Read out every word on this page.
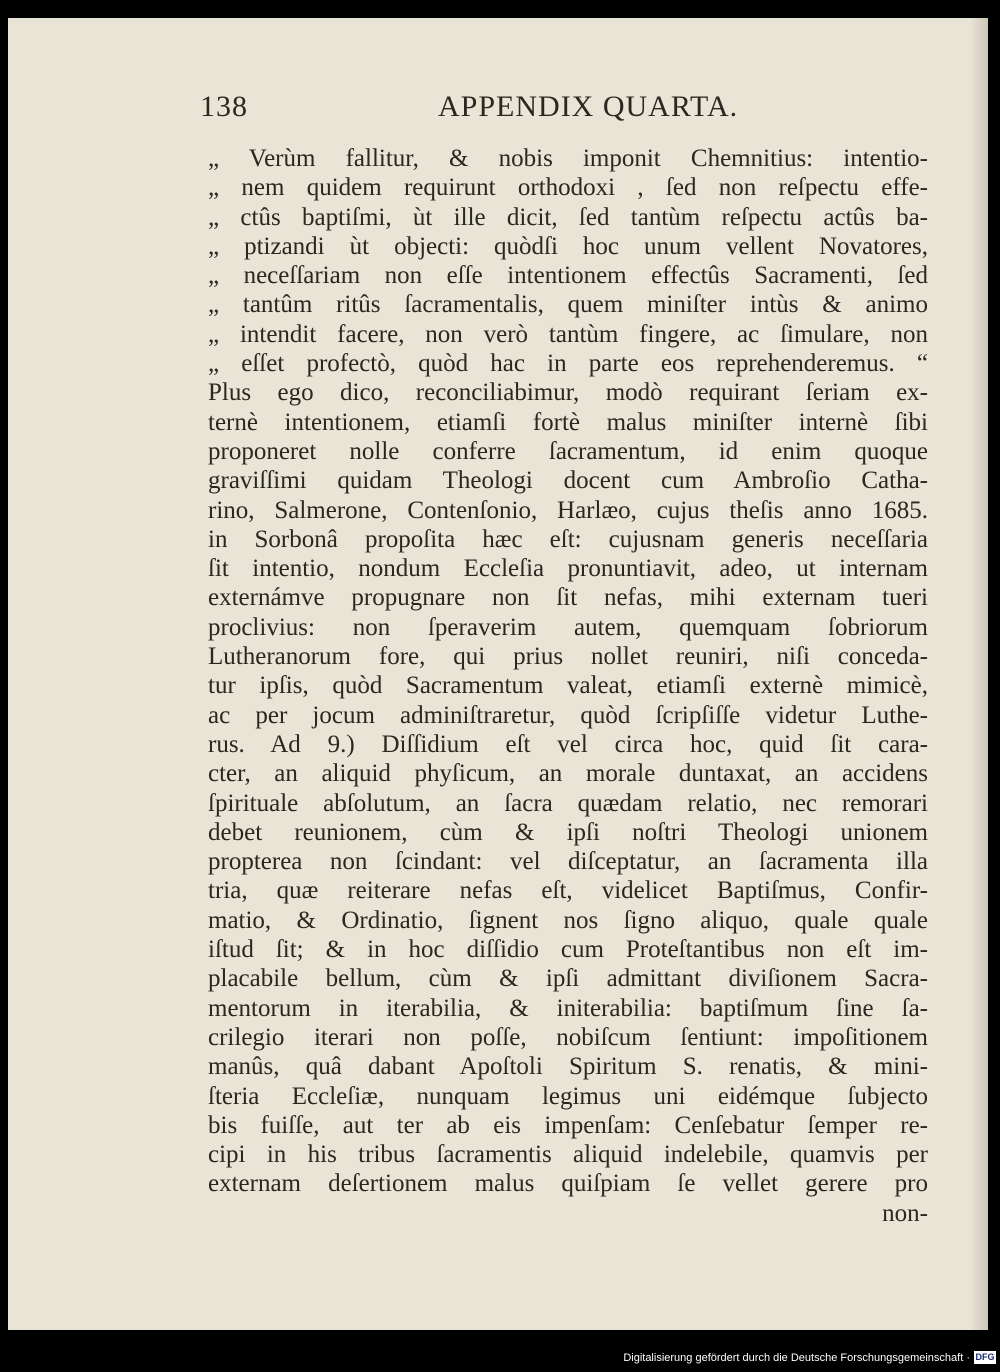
138	APPENDIX QUARTA.
„ Verùm fallitur, & nobis imponit Chemnitius: intentio-
„ nem quidem requirunt orthodoxi , ſed non reſpectu effe-
„ ctûs baptiſmi, ùt ille dicit, ſed tantùm reſpectu actûs ba-
„ ptizandi ùt objecti: quòdſi hoc unum vellent Novatores,
„ neceſſariam non eſſe intentionem effectûs Sacramenti, ſed
„ tantûm ritûs ſacramentalis, quem miniſter intùs & animo
„ intendit facere, non verò tantùm fingere, ac ſimulare, non
„ eſſet profectò, quòd hac in parte eos reprehenderemus. “
Plus ego dico, reconciliabimur, modò requirant ſeriam ex-
ternè intentionem, etiamſi fortè malus miniſter internè ſibi
proponeret nolle conferre ſacramentum, id enim quoque
graviſſimi quidam Theologi docent cum Ambroſio Catha-
rino, Salmerone, Contenſonio, Harlæo, cujus theſis anno 1685.
in Sorbonâ propoſita hæc eſt: cujusnam generis neceſſaria
ſit intentio, nondum Eccleſia pronuntiavit, adeo, ut internam
externámve propugnare non ſit nefas, mihi externam tueri
proclivius: non ſperaverim autem, quemquam ſobriorum
Lutheranorum fore, qui prius nollet reuniri, niſi conceda-
tur ipſis, quòd Sacramentum valeat, etiamſi externè mimicè,
ac per jocum adminiſtraretur, quòd ſcripſiſſe videtur Luthe-
rus. Ad 9.) Diſſidium eſt vel circa hoc, quid ſit cara-
cter, an aliquid phyſicum, an morale duntaxat, an accidens
ſpirituale abſolutum, an ſacra quædam relatio, nec remorari
debet reunionem, cùm & ipſi noſtri Theologi unionem
propterea non ſcindant: vel diſceptatur, an ſacramenta illa
tria, quæ reiterare nefas eſt, videlicet Baptiſmus, Confir-
matio, & Ordinatio, ſignent nos ſigno aliquo, quale quale
iſtud ſit; & in hoc diſſidio cum Proteſtantibus non eſt im-
placabile bellum, cùm & ipſi admittant diviſionem Sacra-
mentorum in iterabilia, & initerabilia: baptiſmum ſine ſa-
crilegio iterari non poſſe, nobiſcum ſentiunt: impoſitionem
manûs, quâ dabant Apoſtoli Spiritum S. renatis, & mini-
ſteria Eccleſiæ, nunquam legimus uni eidémque ſubjecto
bis fuiſſe, aut ter ab eis impenſam: Cenſebatur ſemper re-
cipi in his tribus ſacramentis aliquid indelebile, quamvis per
externam deſertionem malus quiſpiam ſe vellet gerere pro
non-
Digitalisierung gefördert durch die Deutsche Forschungsgemeinschaft · DFG
